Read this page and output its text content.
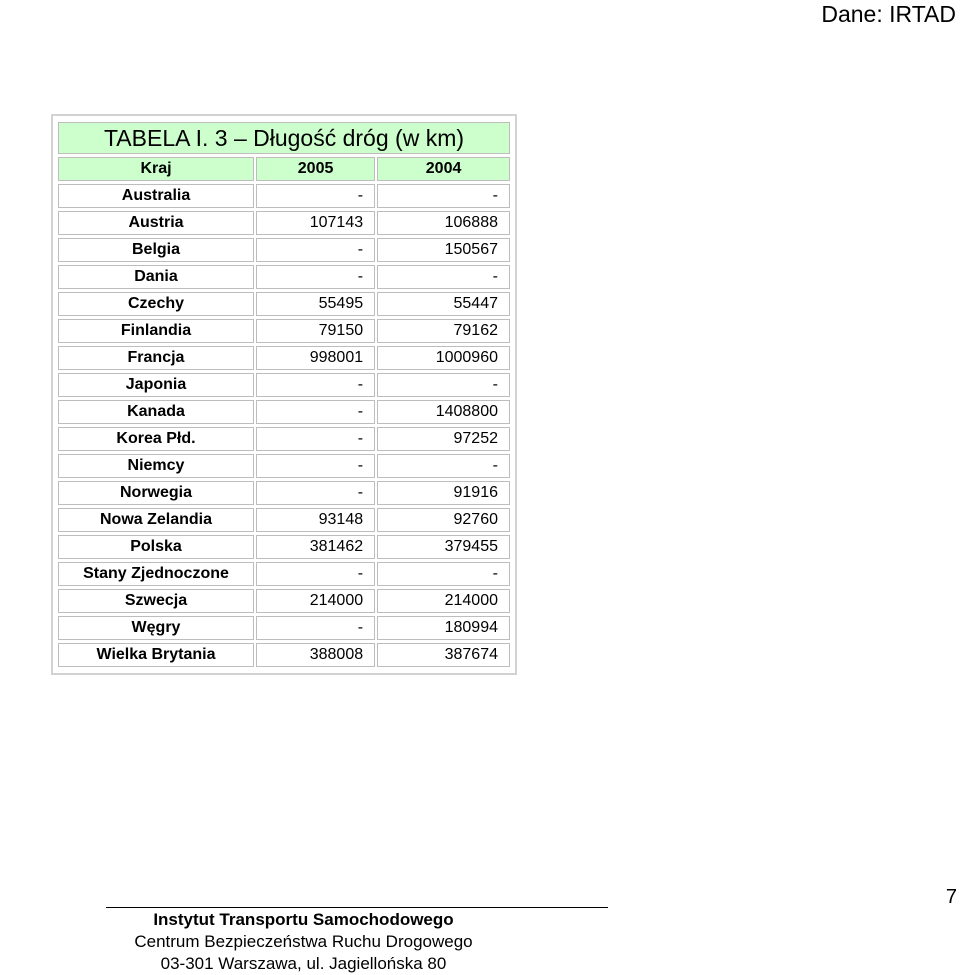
Dane: IRTAD
TABELA I. 3 – Długość dróg (w km)		
Kraj	2005	2004
Australia	-	-
Austria	107143	106888
Belgia	-	150567
Dania	-	-
Czechy	55495	55447
Finlandia	79150	79162
Francja	998001	1000960
Japonia	-	-
Kanada	-	1408800
Korea Płd.	-	97252
Niemcy	-	-
Norwegia	-	91916
Nowa Zelandia	93148	92760
Polska	381462	379455
Stany Zjednoczone	-	-
Szwecja	214000	214000
Węgry	-	180994
Wielka Brytania	388008	387674
Instytut Transportu Samochodowego
Centrum Bezpieczeństwa Ruchu Drogowego
03-301 Warszawa, ul. Jagiellońska 80
7
